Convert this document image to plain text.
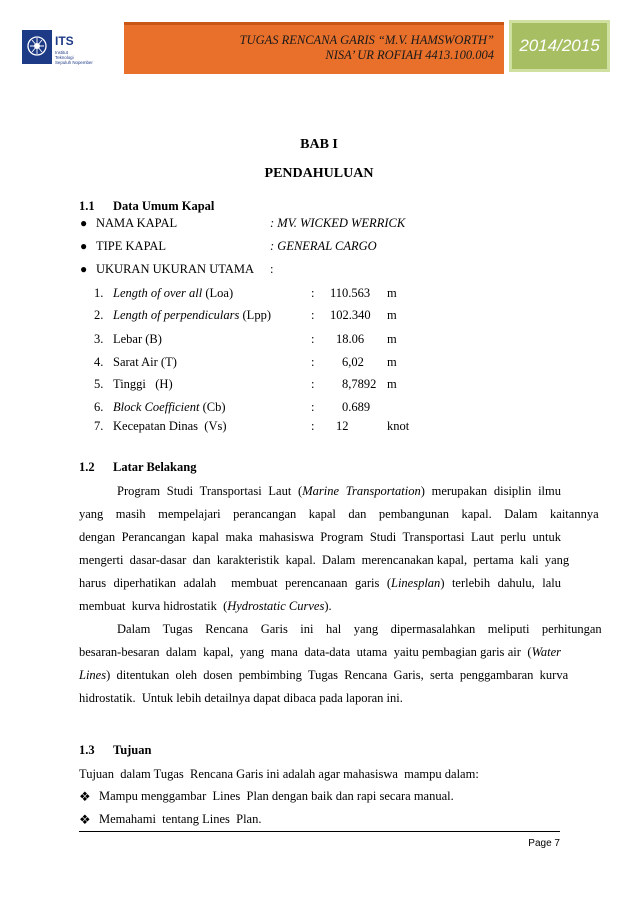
ITS
Institut
Teknologi
Sepuluh Nopember
TUGAS RENCANA GARIS “M.V. HAMSWORTH”
NISA’ UR ROFIAH 4413.100.004	2014/2015
BAB I
PENDAHULUAN
1.1 Data Umum Kapal
● NAMA KAPAL	: MV. WICKED WERRICK
● TIPE KAPAL	: GENERAL CARGO
● UKURAN UKURAN UTAMA :
1. Length of over all (Loa)	: 110.563 m
2. Length of perpendiculars (Lpp)	: 102.340 m
3. Lebar (B)	: 18.06 m
4. Sarat Air (T)	: 6,02 m
5. Tinggi   (H)	: 8,7892 m
6. Block Coefficient (Cb)	: 0.689
7. Kecepatan Dinas  (Vs)	: 12	knot
1.2 Latar Belakang
Program  Studi  Transportasi  Laut  (Marine  Transportation)  merupakan  disiplin  ilmu
yang    masih    mempelajari    perancangan    kapal    dan    pembangunan    kapal.    Dalam    kaitannya
dengan  Perancangan  kapal  maka  mahasiswa  Program  Studi  Transportasi  Laut  perlu  untuk
mengerti  dasar-dasar  dan  karakteristik  kapal.  Dalam  merencanakan kapal,  pertama  kali  yang
harus  diperhatikan  adalah    membuat  perencanaan  garis  (Linesplan)  terlebih  dahulu,  lalu
membuat  kurva hidrostatik  (Hydrostatic Curves).
Dalam    Tugas    Rencana    Garis    ini    hal    yang    dipermasalahkan    meliputi    perhitungan
besaran-besaran  dalam  kapal,  yang  mana  data-data  utama  yaitu pembagian garis air  (Water
Lines)  ditentukan  oleh  dosen  pembimbing  Tugas  Rencana  Garis,  serta  penggambaran  kurva
hidrostatik.  Untuk lebih detailnya dapat dibaca pada laporan ini.
1.3 Tujuan
Tujuan  dalam Tugas  Rencana Garis ini adalah agar mahasiswa  mampu dalam:
❖ Mampu menggambar  Lines  Plan dengan baik dan rapi secara manual.
❖ Memahami  tentang Lines  Plan.
Page 7
